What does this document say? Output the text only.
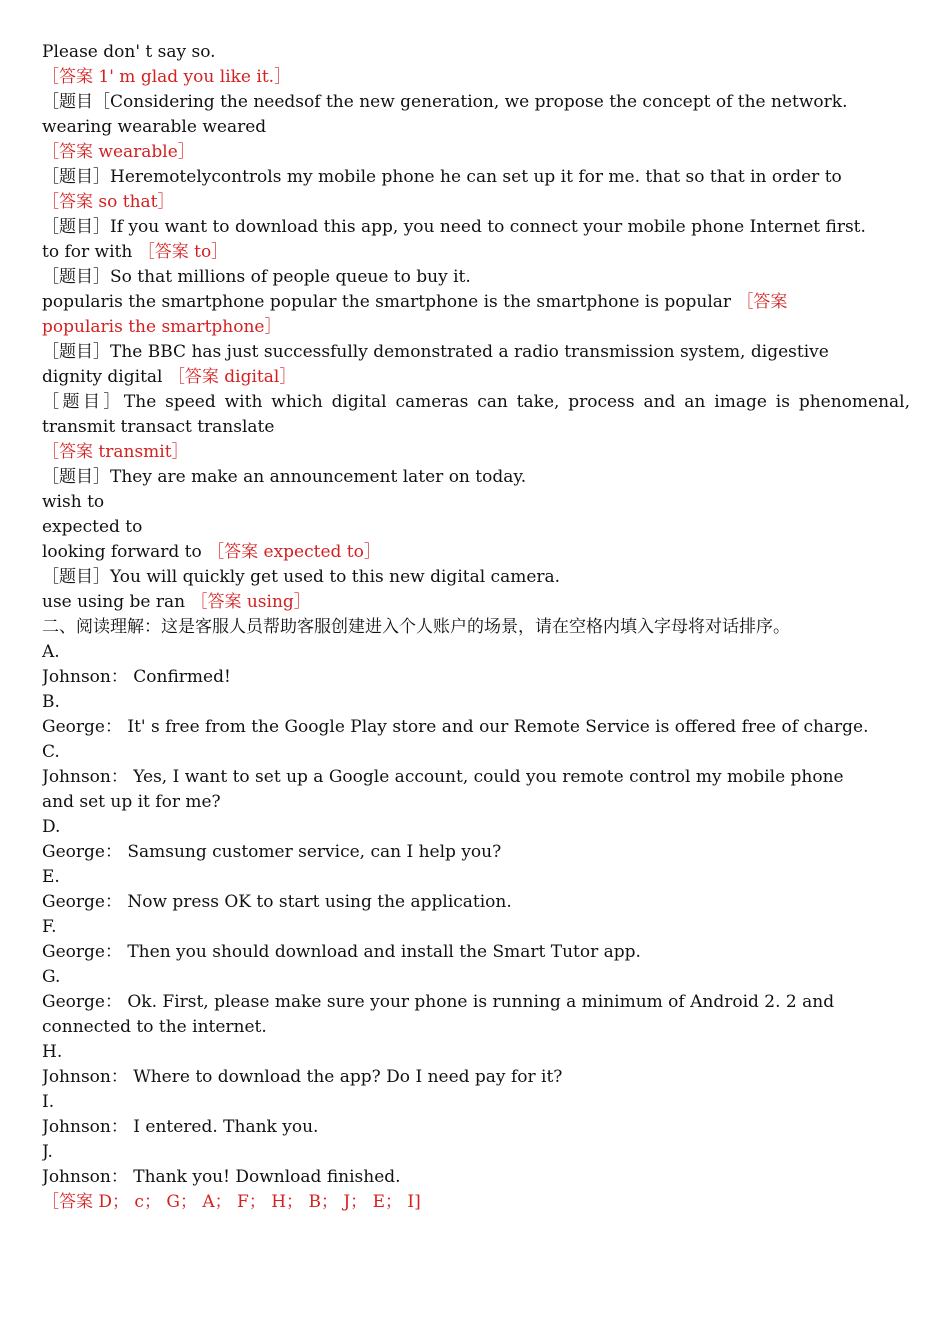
Please don' t say so.
［答案 1' m glad you like it.］
［题目［Considering the needsof the new generation, we propose the concept of the network.
wearing wearable weared
［答案 wearable］
［题目］Heremotelycontrols my mobile phone he can set up it for me. that so that in order to
［答案 so that］
［题目］If you want to download this app, you need to connect your mobile phone Internet first.
to for with ［答案 to］
［题目］So that millions of people queue to buy it.
popularis the smartphone popular the smartphone is the smartphone is popular ［答案
popularis the smartphone］
［题目］The BBC has just successfully demonstrated a radio transmission system, digestive
dignity digital ［答案 digital］
［题目］The speed with which digital cameras can take, process and an image is phenomenal,
transmit transact translate
［答案 transmit］
［题目］They are make an announcement later on today.
wish to
expected to
looking forward to ［答案 expected to］
［题目］You will quickly get used to this new digital camera.
use using be ran ［答案 using］
二、阅读理解：这是客服人员帮助客服创建进入个人账户的场景，请在空格内填入字母将对话排序。
A.
Johnson： Confirmed!
B.
George： It' s free from the Google Play store and our Remote Service is offered free of charge.
C.
Johnson： Yes, I want to set up a Google account, could you remote control my mobile phone
and set up it for me?
D.
George： Samsung customer service, can I help you?
E.
George： Now press OK to start using the application.
F.
George： Then you should download and install the Smart Tutor app.
G.
George： Ok. First, please make sure your phone is running a minimum of Android 2. 2 and
connected to the internet.
H.
Johnson： Where to download the app? Do I need pay for it?
I.
Johnson： I entered. Thank you.
J.
Johnson： Thank you! Download finished.
［答案 D； c； G； A； F； H； B； J； E； I]
